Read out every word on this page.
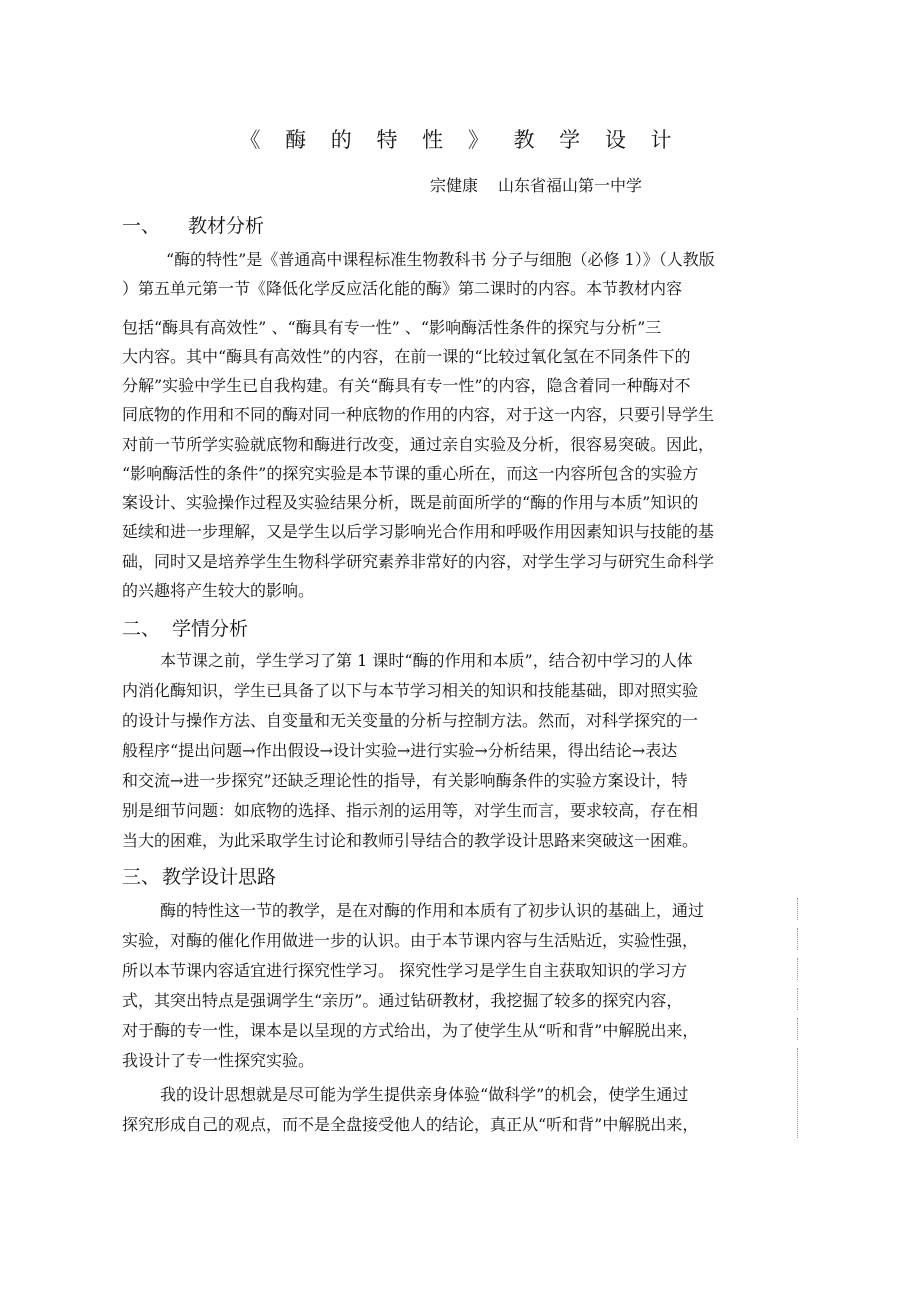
《 酶 的 特 性 》 教 学 设 计
宗健康 山东省福山第一中学
一、 教材分析
“酶的特性”是《普通高中课程标准生物教科书 分子与细胞（必修 1）》（人教版
）第五单元第一节《降低化学反应活化能的酶》第二课时的内容。本节教材内容
包括“酶具有高效性” 、“酶具有专一性” 、“影响酶活性条件的探究与分析”三
大内容。其中“酶具有高效性”的内容，在前一课的“比较过氧化氢在不同条件下的
分解”实验中学生已自我构建。有关“酶具有专一性”的内容，隐含着同一种酶对不
同底物的作用和不同的酶对同一种底物的作用的内容，对于这一内容，只要引导学生
对前一节所学实验就底物和酶进行改变，通过亲自实验及分析，很容易突破。因此，
“影响酶活性的条件”的探究实验是本节课的重心所在，而这一内容所包含的实验方
案设计、实验操作过程及实验结果分析，既是前面所学的“酶的作用与本质”知识的
延续和进一步理解，又是学生以后学习影响光合作用和呼吸作用因素知识与技能的基
础，同时又是培养学生生物科学研究素养非常好的内容，对学生学习与研究生命科学
的兴趣将产生较大的影响。
二、 学情分析
本节课之前，学生学习了第 1 课时“酶的作用和本质”，结合初中学习的人体
内消化酶知识，学生已具备了以下与本节学习相关的知识和技能基础，即对照实验
的设计与操作方法、自变量和无关变量的分析与控制方法。然而，对科学探究的一
般程序“提出问题→作出假设→设计实验→进行实验→分析结果，得出结论→表达
和交流→进一步探究”还缺乏理论性的指导，有关影响酶条件的实验方案设计，特
别是细节问题：如底物的选择、指示剂的运用等，对学生而言，要求较高，存在相
当大的困难，为此采取学生讨论和教师引导结合的教学设计思路来突破这一困难。
三、 教学设计思路
酶的特性这一节的教学，是在对酶的作用和本质有了初步认识的基础上，通过
实验，对酶的催化作用做进一步的认识。由于本节课内容与生活贴近，实验性强，
所以本节课内容适宜进行探究性学习。 探究性学习是学生自主获取知识的学习方
式，其突出特点是强调学生“亲历”。通过钻研教材，我挖掘了较多的探究内容，
对于酶的专一性，课本是以呈现的方式给出，为了使学生从“听和背”中解脱出来，
我设计了专一性探究实验。
我的设计思想就是尽可能为学生提供亲身体验“做科学”的机会，使学生通过
探究形成自己的观点，而不是全盘接受他人的结论，真正从“听和背”中解脱出来，
